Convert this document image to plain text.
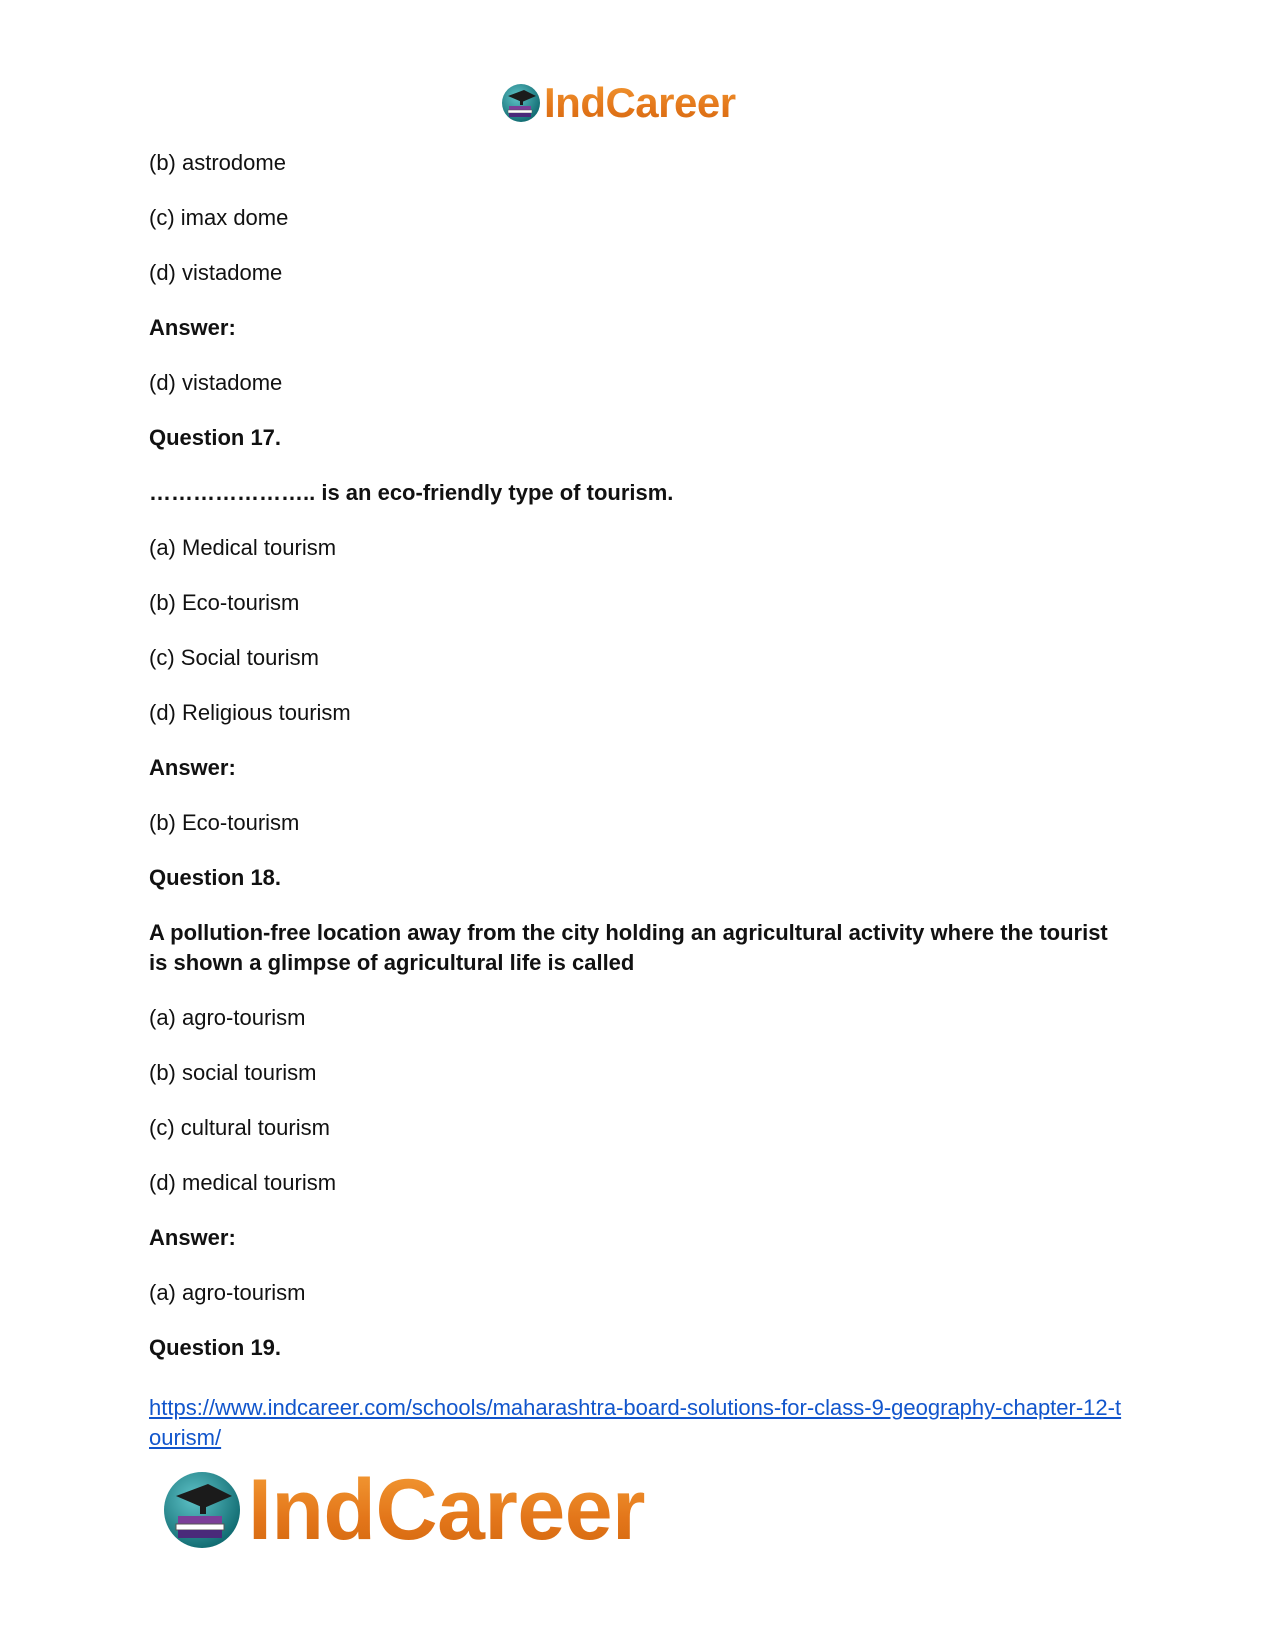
IndCareer
(b) astrodome
(c) imax dome
(d) vistadome
Answer:
(d) vistadome
Question 17.
………………….. is an eco-friendly type of tourism.
(a) Medical tourism
(b) Eco-tourism
(c) Social tourism
(d) Religious tourism
Answer:
(b) Eco-tourism
Question 18.
A pollution-free location away from the city holding an agricultural activity where the tourist is shown a glimpse of agricultural life is called
(a) agro-tourism
(b) social tourism
(c) cultural tourism
(d) medical tourism
Answer:
(a) agro-tourism
Question 19.
https://www.indcareer.com/schools/maharashtra-board-solutions-for-class-9-geography-chapter-12-tourism/
IndCareer
